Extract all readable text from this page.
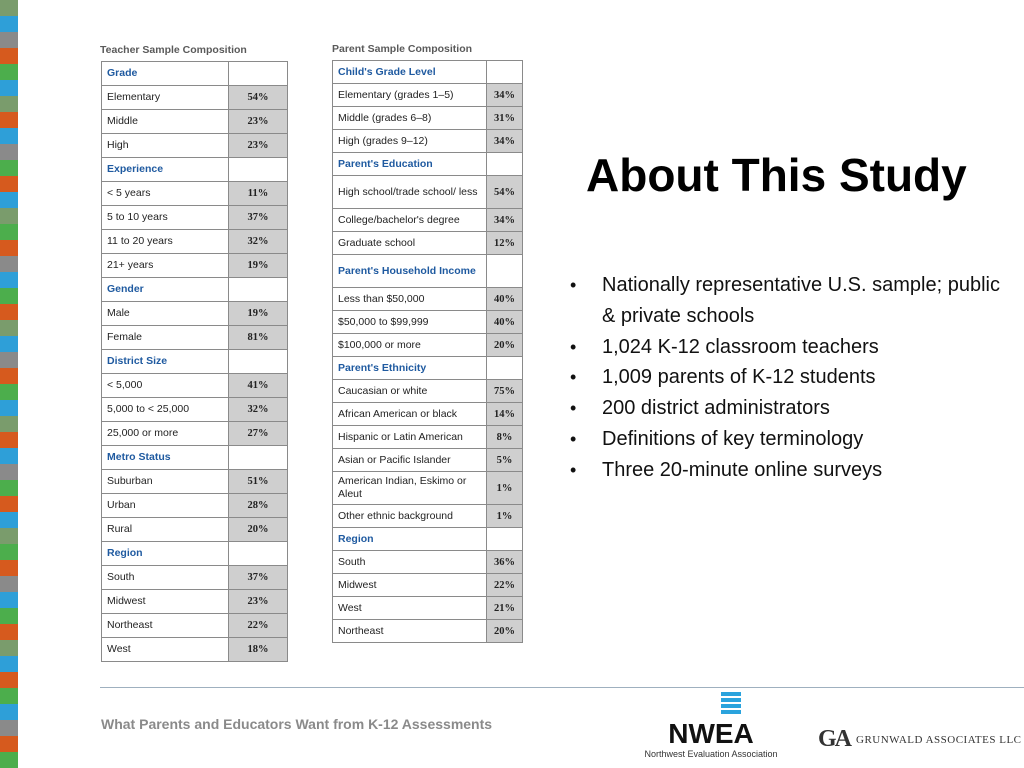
Teacher Sample Composition
Grade	
Elementary	54%
Middle	23%
High	23%
Experience	
< 5 years	11%
5 to 10 years	37%
11 to 20 years	32%
21+ years	19%
Gender	
Male	19%
Female	81%
District Size	
< 5,000	41%
5,000 to < 25,000	32%
25,000 or more	27%
Metro Status	
Suburban	51%
Urban	28%
Rural	20%
Region	
South	37%
Midwest	23%
Northeast	22%
West	18%
Parent Sample Composition
Child's Grade Level	
Elementary (grades 1–5)	34%
Middle (grades 6–8)	31%
High (grades 9–12)	34%
Parent's Education	
High school/trade school/ less	54%
College/bachelor's degree	34%
Graduate school	12%
Parent's Household Income	
Less than $50,000	40%
$50,000 to $99,999	40%
$100,000 or more	20%
Parent's Ethnicity	
Caucasian or white	75%
African American or black	14%
Hispanic or Latin American	8%
Asian or Pacific Islander	5%
American Indian, Eskimo or Aleut	1%
Other ethnic background	1%
Region	
South	36%
Midwest	22%
West	21%
Northeast	20%
About This Study
• Nationally representative U.S. sample; public & private schools
• 1,024 K-12 classroom teachers
• 1,009 parents of K-12 students
• 200 district administrators
• Definitions of key terminology
• Three 20-minute online surveys
What Parents and Educators Want from K-12 Assessments	NWEA
Northwest Evaluation Association
GA GRUNWALD ASSOCIATES LLC
